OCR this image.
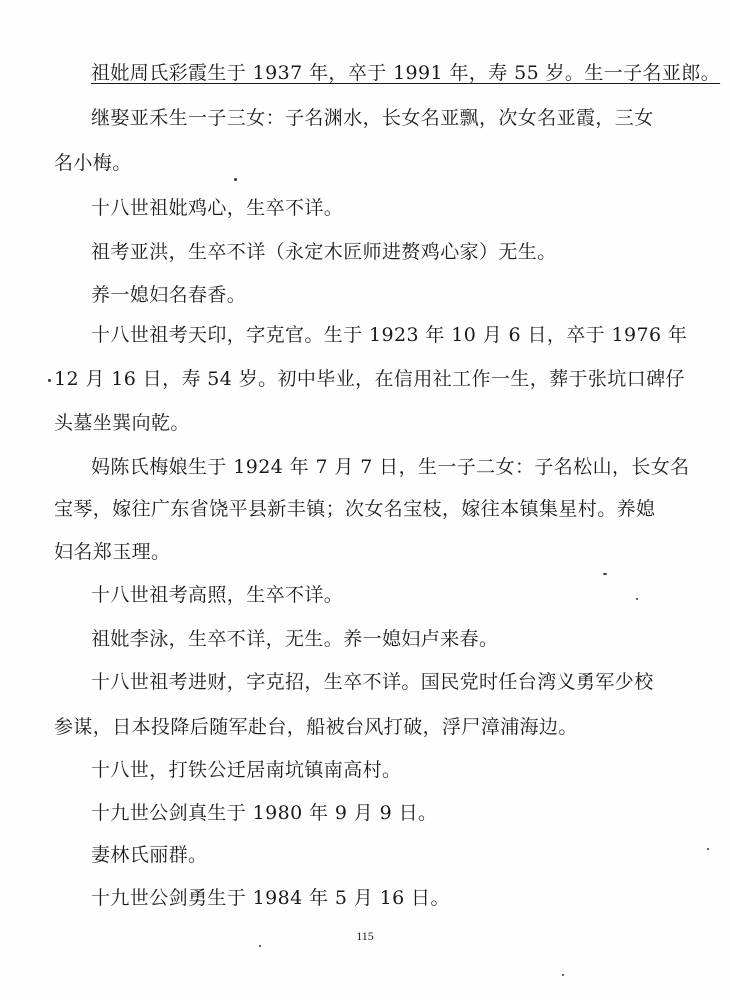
祖妣周氏彩霞生于 1937 年，卒于 1991 年，寿 55 岁。生一子名亚郎。
继娶亚禾生一子三女：子名渊水，长女名亚飘，次女名亚霞，三女
名小梅。
十八世祖妣鸡心，生卒不详。
祖考亚洪，生卒不详（永定木匠师进赘鸡心家）无生。
养一媳妇名春香。
十八世祖考天印，字克官。生于 1923 年 10 月 6 日，卒于 1976 年
12 月 16 日，寿 54 岁。初中毕业，在信用社工作一生，葬于张坑口碑仔
头墓坐巽向乾。
妈陈氏梅娘生于 1924 年 7 月 7 日，生一子二女：子名松山，长女名
宝琴，嫁往广东省饶平县新丰镇；次女名宝枝，嫁往本镇集星村。养媳
妇名郑玉理。
十八世祖考高照，生卒不详。
祖妣李泳，生卒不详，无生。养一媳妇卢来春。
十八世祖考进财，字克招，生卒不详。国民党时任台湾义勇军少校
参谋，日本投降后随军赴台，船被台风打破，浮尸漳浦海边。
十八世，打铁公迁居南坑镇南高村。
十九世公剑真生于 1980 年 9 月 9 日。
妻林氏丽群。
十九世公剑勇生于 1984 年 5 月 16 日。
115
